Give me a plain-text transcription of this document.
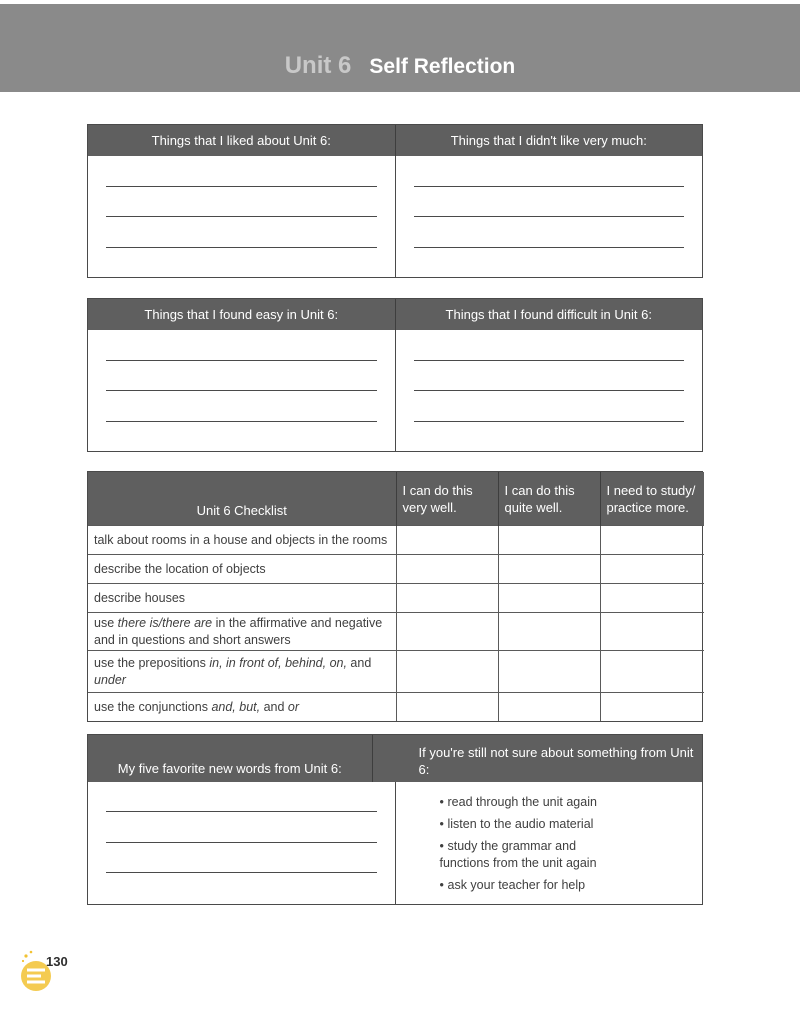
Unit 6 Self Reflection
Things that I liked about Unit 6:	Things that I didn't like very much:
Things that I found easy in Unit 6:	Things that I found difficult in Unit 6:
Unit 6 Checklist	I can do this very well.	I can do this quite well.	I need to study/ practice more.
talk about rooms in a house and objects in the rooms			
describe the location of objects			
describe houses			
use there is/there are in the affirmative and negative and in questions and short answers			
use the prepositions in, in front of, behind, on, and under			
use the conjunctions and, but, and or			
My five favorite new words from Unit 6:
If you're still not sure about something from Unit 6:
• read through the unit again
• listen to the audio material
• study the grammar and functions from the unit again
• ask your teacher for help
130
